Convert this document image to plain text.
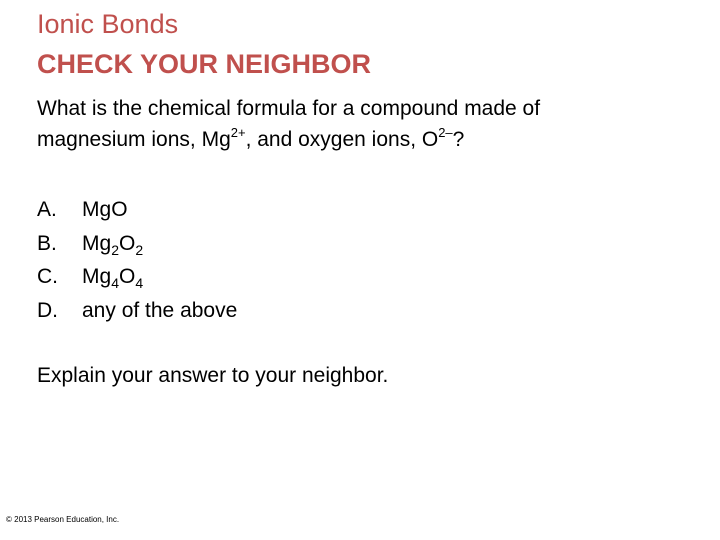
Ionic Bonds
CHECK YOUR NEIGHBOR
What is the chemical formula for a compound made of
magnesium ions, $Mg^{2+}$, and oxygen ions, $O^{2-}$?
A.	MgO
B.	$Mg_2O_2$
C.	$Mg_4O_4$
D.	any of the above
Explain your answer to your neighbor.
© 2013 Pearson Education, Inc.
